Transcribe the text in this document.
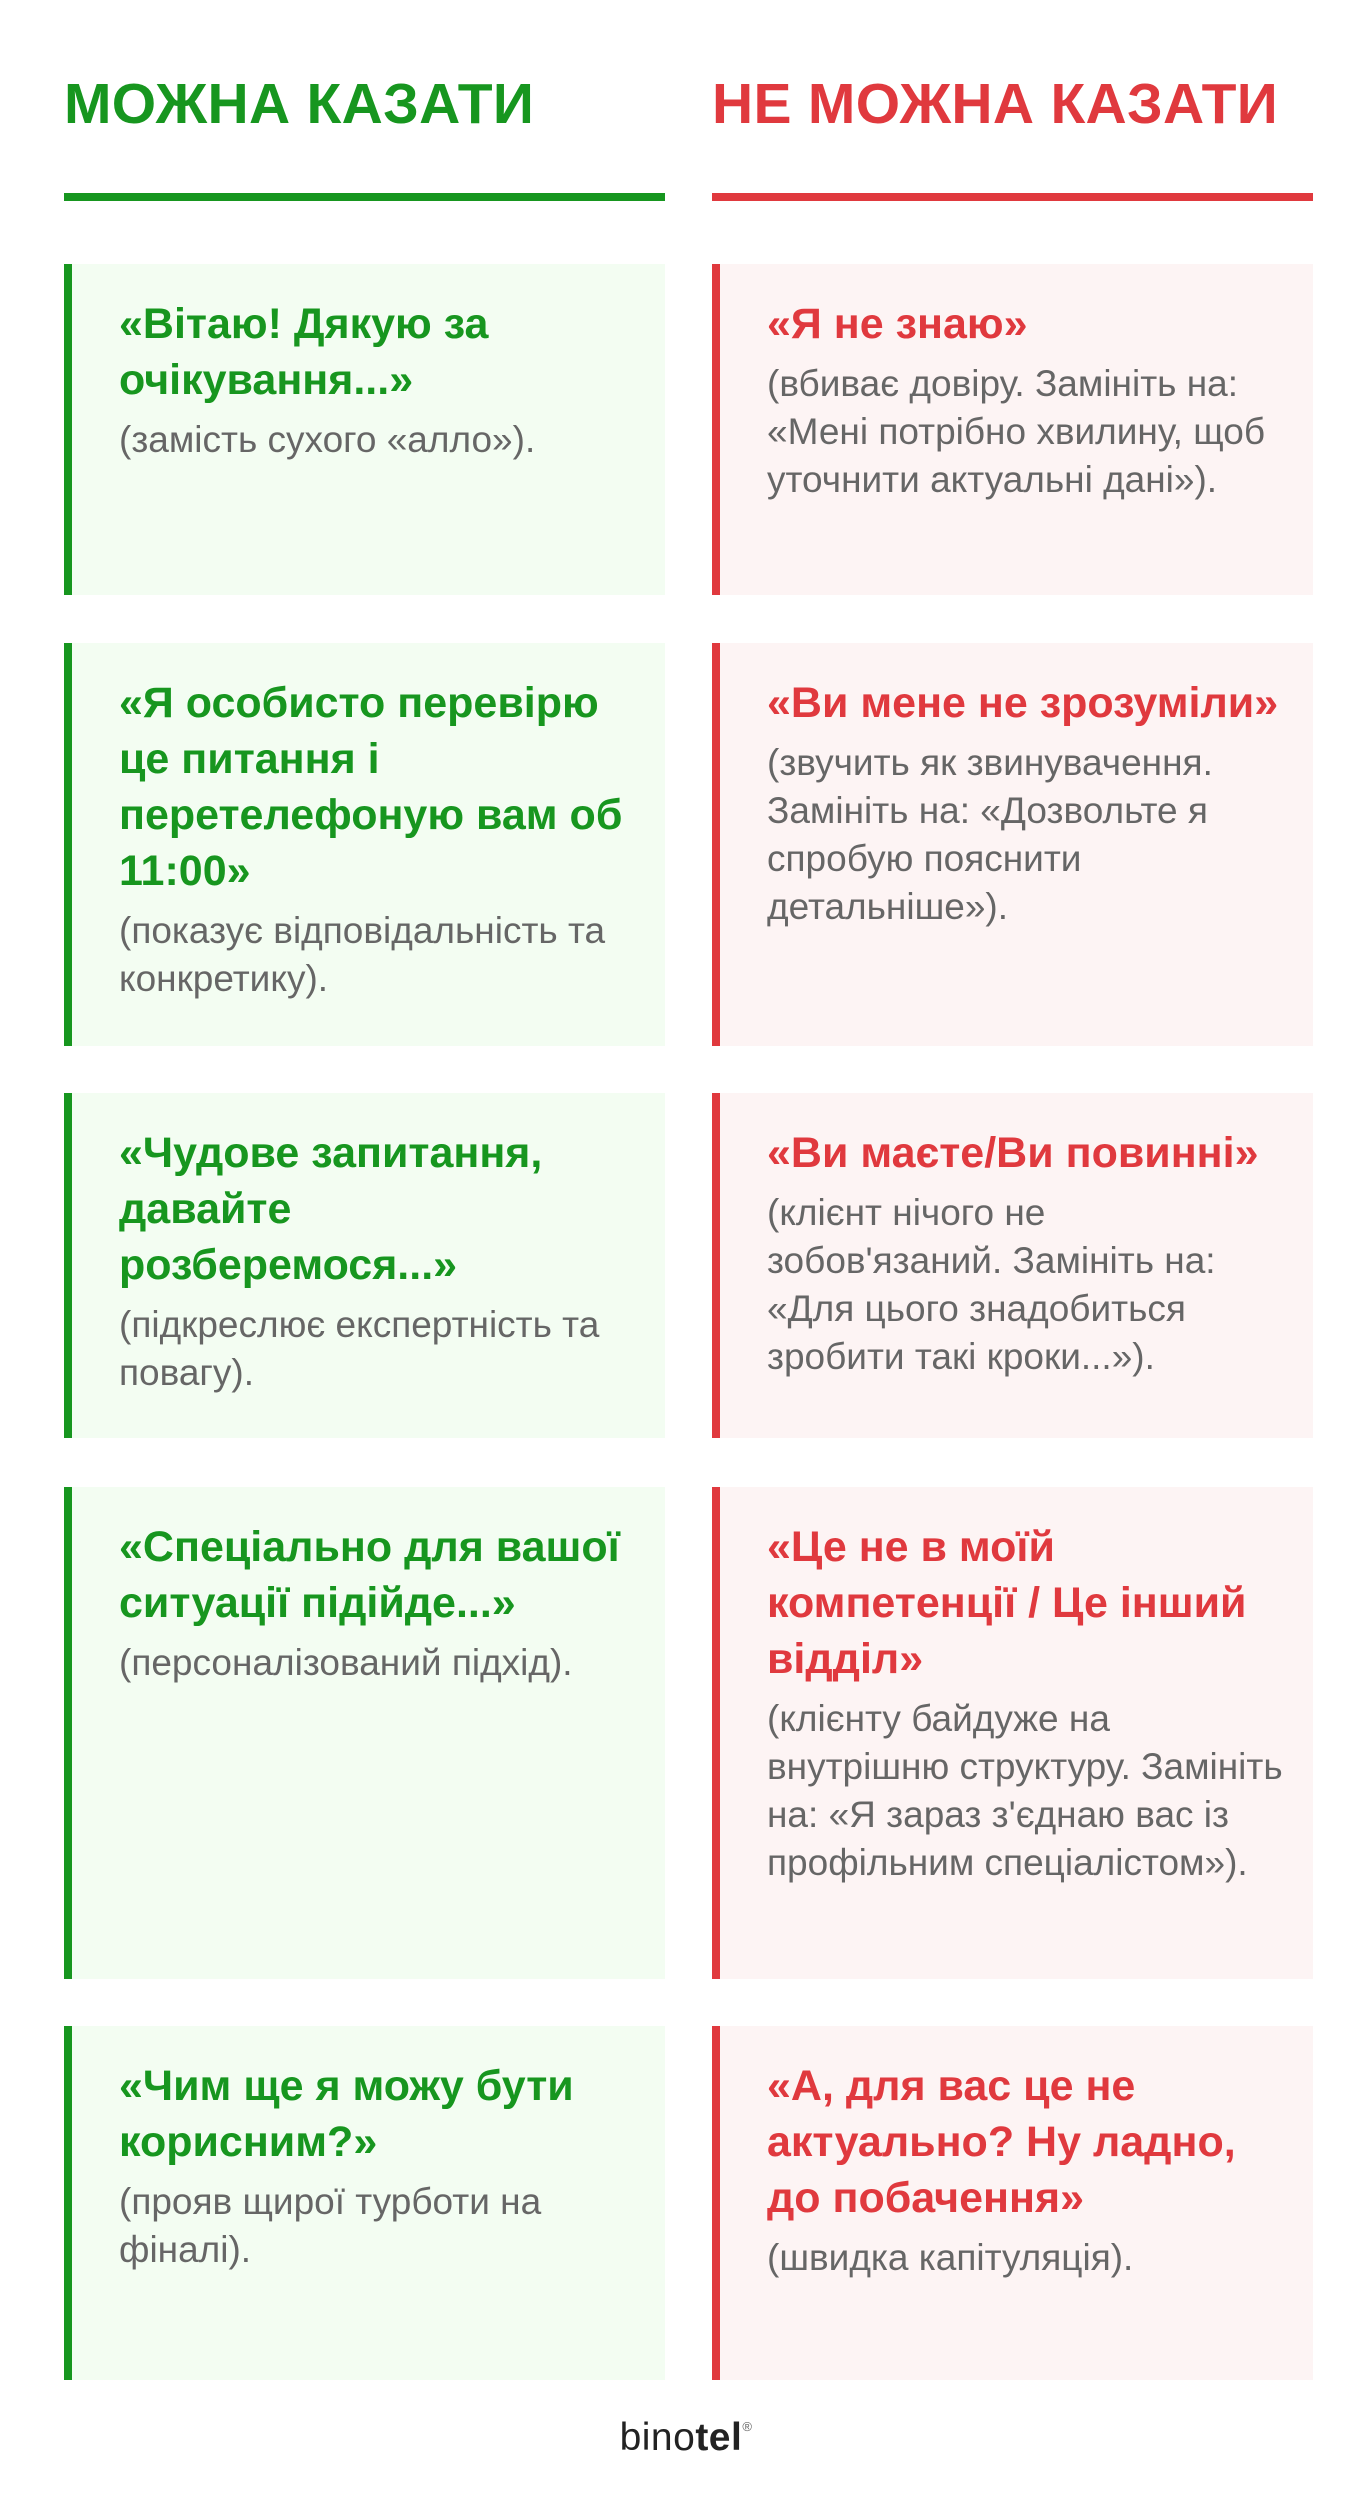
МОЖНА КАЗАТИ	НЕ МОЖНА КАЗАТИ
«Вітаю! Дякую за очікування...»
(замість сухого «алло»).
«Я не знаю»
(вбиває довіру. Замініть на: «Мені потрібно хвилину, щоб уточнити актуальні дані»).
«Я особисто перевірю це питання і перетелефоную вам об 11:00»
(показує відповідальність та конкретику).
«Ви мене не зрозуміли»
(звучить як звинувачення. Замініть на: «Дозвольте я спробую пояснити детальніше»).
«Чудове запитання, давайте розберемося...»
(підкреслює експертність та повагу).
«Ви маєте/Ви повинні»
(клієнт нічого не зобов'язаний. Замініть на: «Для цього знадобиться зробити такі кроки...»).
«Спеціально для вашої ситуації підійде...»
(персоналізований підхід).
«Це не в моїй компетенції / Це інший відділ»
(клієнту байдуже на внутрішню структуру. Замініть на: «Я зараз з'єднаю вас із профільним спеціалістом»).
«Чим ще я можу бути корисним?»
(прояв щирої турботи на фіналі).
«А, для вас це не актуально? Ну ладно, до побачення»
(швидка капітуляція).
binotel®
